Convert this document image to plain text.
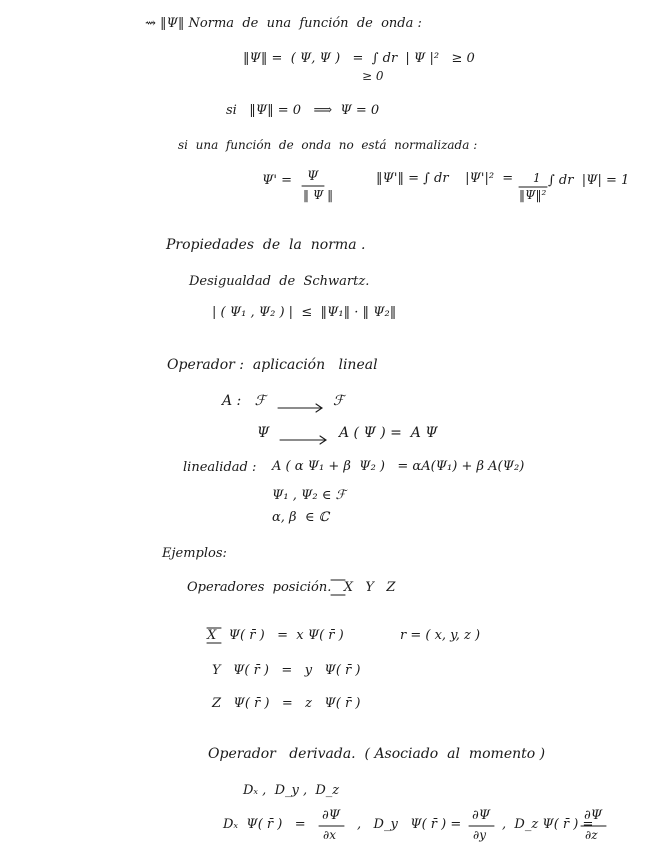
⇝ ‖Ψ‖ Norma  de  una  función  de  onda :
‖Ψ‖ =  ( Ψ, Ψ )   =  ∫ dr  | Ψ |²   ≥ 0
≥ 0
si   ‖Ψ‖ = 0   ⟹  Ψ = 0
si  una  función  de  onda  no  está  normalizada :
Ψ' = Ψ
‖ Ψ ‖
‖Ψ'‖ = ∫ dr    |Ψ'|²  = 1
‖Ψ‖²
∫ dr  |Ψ| = 1
Propiedades  de  la  norma .
Desigualdad  de  Schwartz.
| ( Ψ₁ , Ψ₂ ) |  ≤  ‖Ψ₁‖ · ‖ Ψ₂‖
Operador :  aplicación   lineal
A :   ℱ	ℱ
Ψ	A ( Ψ ) =  A Ψ
linealidad : A ( α Ψ₁ + β  Ψ₂ )   = αA(Ψ₁) + β A(Ψ₂)
Ψ₁ , Ψ₂ ∈ ℱ
α, β  ∈ ℂ
Ejemplos:
Operadores  posición.   X   Y   Z
X   Ψ( r̄ )   =  x Ψ( r̄ )	r = ( x, y, z )
Y   Ψ( r̄ )   =   y   Ψ( r̄ )
Z   Ψ( r̄ )   =   z   Ψ( r̄ )
Operador   derivada.  ( Asociado  al  momento )
Dₓ ,  D_y ,  D_z
Dₓ  Ψ( r̄ )   =
∂Ψ
∂x
,   D_y   Ψ( r̄ ) =
∂Ψ
∂y
,  D_z Ψ( r̄ ) =
∂Ψ
∂z
